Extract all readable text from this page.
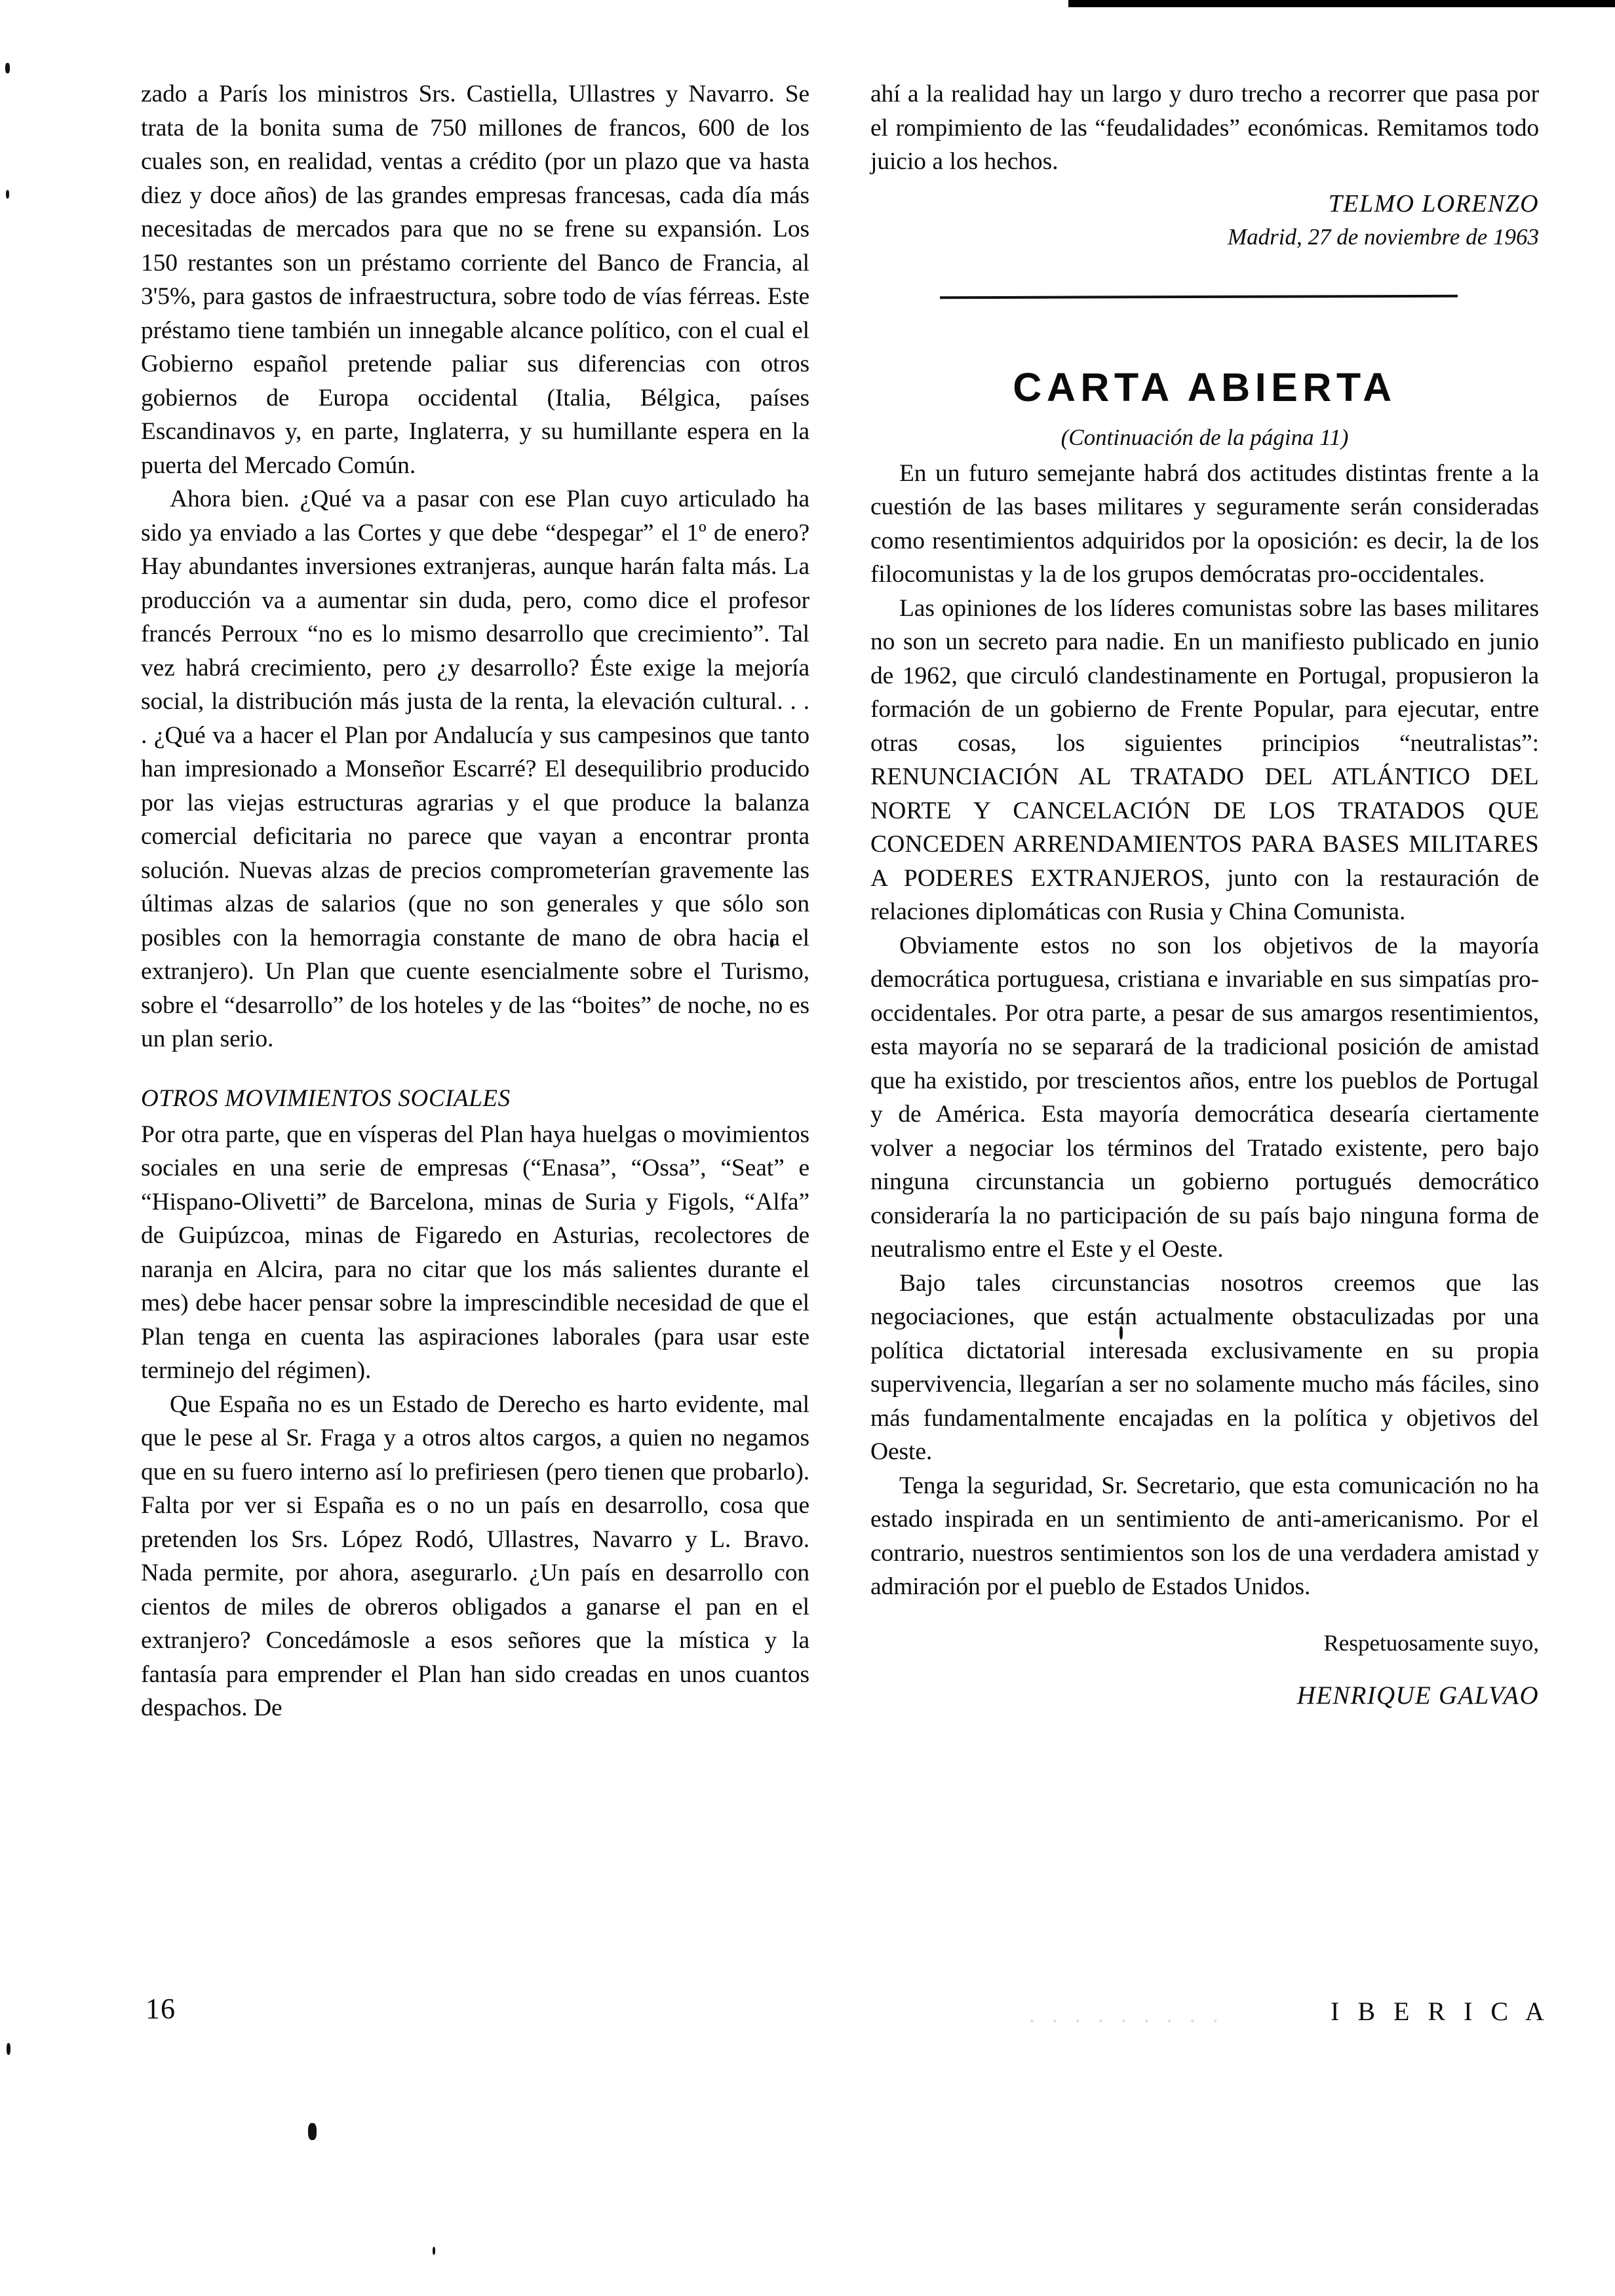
zado a París los ministros Srs. Castiella, Ullastres y Navarro. Se trata de la bonita suma de 750 millones de francos, 600 de los cuales son, en realidad, ventas a crédito (por un plazo que va hasta diez y doce años) de las grandes empresas francesas, cada día más necesitadas de mercados para que no se frene su expansión. Los 150 restantes son un préstamo corriente del Banco de Francia, al 3'5%, para gastos de infraestructura, sobre todo de vías férreas. Este préstamo tiene también un innegable alcance político, con el cual el Gobierno español pretende paliar sus diferencias con otros gobiernos de Europa occidental (Italia, Bélgica, países Escandinavos y, en parte, Inglaterra, y su humillante espera en la puerta del Mercado Común.

Ahora bien. ¿Qué va a pasar con ese Plan cuyo articulado ha sido ya enviado a las Cortes y que debe “despegar” el 1º de enero? Hay abundantes inversiones extranjeras, aunque harán falta más. La producción va a aumentar sin duda, pero, como dice el profesor francés Perroux “no es lo mismo desarrollo que crecimiento”. Tal vez habrá crecimiento, pero ¿y desarrollo? Éste exige la mejoría social, la distribución más justa de la renta, la elevación cultural. . . . ¿Qué va a hacer el Plan por Andalucía y sus campesinos que tanto han impresionado a Monseñor Escarré? El desequilibrio producido por las viejas estructuras agrarias y el que produce la balanza comercial deficitaria no parece que vayan a encontrar pronta solución. Nuevas alzas de precios comprometerían gravemente las últimas alzas de salarios (que no son generales y que sólo son posibles con la hemorragia constante de mano de obra hacia el extranjero). Un Plan que cuente esencialmente sobre el Turismo, sobre el “desarrollo” de los hoteles y de las “boites” de noche, no es un plan serio.

OTROS MOVIMIENTOS SOCIALES

Por otra parte, que en vísperas del Plan haya huelgas o movimientos sociales en una serie de empresas (“Enasa”, “Ossa”, “Seat” e “Hispano-Olivetti” de Barcelona, minas de Suria y Figols, “Alfa” de Guipúzcoa, minas de Figaredo en Asturias, recolectores de naranja en Alcira, para no citar que los más salientes durante el mes) debe hacer pensar sobre la imprescindible necesidad de que el Plan tenga en cuenta las aspiraciones laborales (para usar este terminejo del régimen).

Que España no es un Estado de Derecho es harto evidente, mal que le pese al Sr. Fraga y a otros altos cargos, a quien no negamos que en su fuero interno así lo prefiriesen (pero tienen que probarlo). Falta por ver si España es o no un país en desarrollo, cosa que pretenden los Srs. López Rodó, Ullastres, Navarro y L. Bravo. Nada permite, por ahora, asegurarlo. ¿Un país en desarrollo con cientos de miles de obreros obligados a ganarse el pan en el extranjero? Concedámosle a esos señores que la mística y la fantasía para emprender el Plan han sido creadas en unos cuantos despachos. De

ahí a la realidad hay un largo y duro trecho a recorrer que pasa por el rompimiento de las “feudalidades” económicas. Remitamos todo juicio a los hechos.

TELMO LORENZO

Madrid, 27 de noviembre de 1963

CARTA ABIERTA

(Continuación de la página 11)

En un futuro semejante habrá dos actitudes distintas frente a la cuestión de las bases militares y seguramente serán consideradas como resentimientos adquiridos por la oposición: es decir, la de los filocomunistas y la de los grupos demócratas pro-occidentales.

Las opiniones de los líderes comunistas sobre las bases militares no son un secreto para nadie. En un manifiesto publicado en junio de 1962, que circuló clandestinamente en Portugal, propusieron la formación de un gobierno de Frente Popular, para ejecutar, entre otras cosas, los siguientes principios “neutralistas”: RENUNCIACIÓN AL TRATADO DEL ATLÁNTICO DEL NORTE Y CANCELACIÓN DE LOS TRATADOS QUE CONCEDEN ARRENDAMIENTOS PARA BASES MILITARES A PODERES EXTRANJEROS, junto con la restauración de relaciones diplomáticas con Rusia y China Comunista.

Obviamente estos no son los objetivos de la mayoría democrática portuguesa, cristiana e invariable en sus simpatías pro-occidentales. Por otra parte, a pesar de sus amargos resentimientos, esta mayoría no se separará de la tradicional posición de amistad que ha existido, por trescientos años, entre los pueblos de Portugal y de América. Esta mayoría democrática desearía ciertamente volver a negociar los términos del Tratado existente, pero bajo ninguna circunstancia un gobierno portugués democrático consideraría la no participación de su país bajo ninguna forma de neutralismo entre el Este y el Oeste.

Bajo tales circunstancias nosotros creemos que las negociaciones, que están actualmente obstaculizadas por una política dictatorial interesada exclusivamente en su propia supervivencia, llegarían a ser no solamente mucho más fáciles, sino más fundamentalmente encajadas en la política y objetivos del Oeste.

Tenga la seguridad, Sr. Secretario, que esta comunicación no ha estado inspirada en un sentimiento de anti-americanismo. Por el contrario, nuestros sentimientos son los de una verdadera amistad y admiración por el pueblo de Estados Unidos.

Respetuosamente suyo,

HENRIQUE GALVAO

16	. . . . . . . . .	I B E R I C A
